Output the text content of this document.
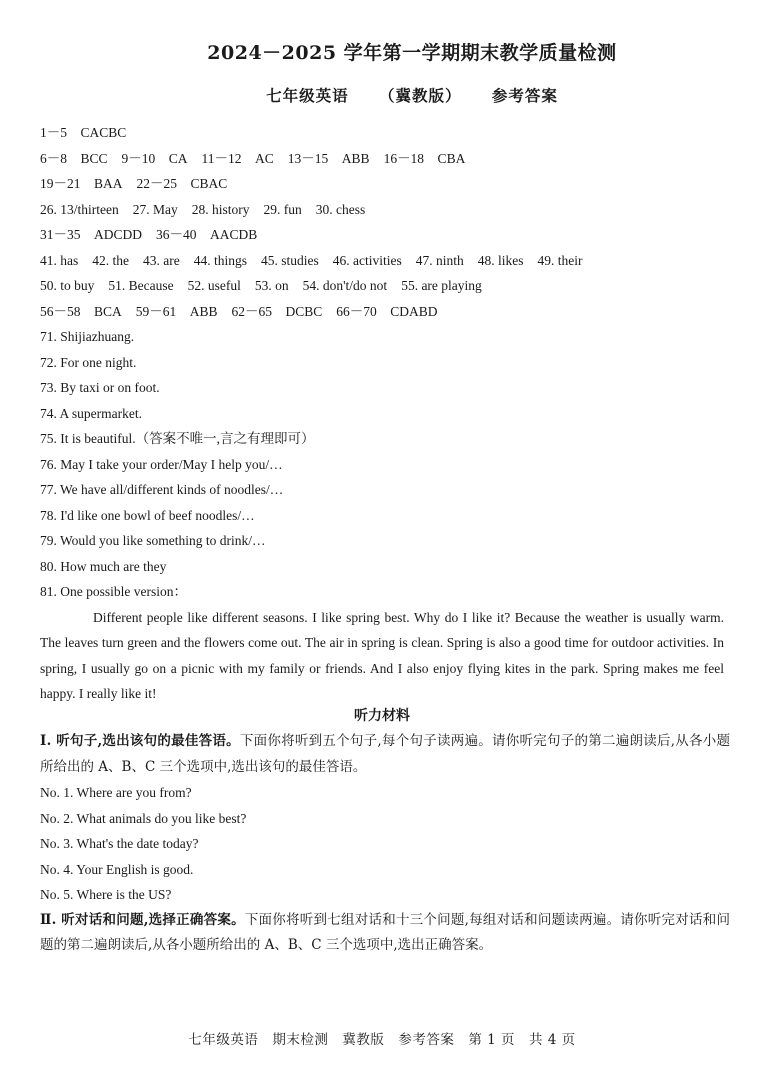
2024－2025 学年第一学期期末教学质量检测
七年级英语 （冀教版） 参考答案
1－5　CACBC
6－8　BCC 9－10　CA 11－12　AC 13－15　ABB 16－18　CBA
19－21　BAA 22－25　CBAC
26. 13/thirteen 27. May 28. history 29. fun 30. chess
31－35　ADCDD 36－40　AACDB
41. has 42. the 43. are 44. things 45. studies 46. activities 47. ninth 48. likes 49. their
50. to buy 51. Because 52. useful 53. on 54. don't/do not 55. are playing
56－58　BCA 59－61　ABB 62－65　DCBC 66－70　CDABD
71. Shijiazhuang.
72. For one night.
73. By taxi or on foot.
74. A supermarket.
75. It is beautiful.（答案不唯一,言之有理即可）
76. May I take your order/May I help you/…
77. We have all/different kinds of noodles/…
78. I'd like one bowl of beef noodles/…
79. Would you like something to drink/…
80. How much are they
81. One possible version：
Different people like different seasons. I like spring best. Why do I like it? Because the weather is usually warm. The leaves turn green and the flowers come out. The air in spring is clean. Spring is also a good time for outdoor activities. In spring, I usually go on a picnic with my family or friends. And I also enjoy flying kites in the park. Spring makes me feel happy. I really like it!
听力材料
Ⅰ. 听句子,选出该句的最佳答语。下面你将听到五个句子,每个句子读两遍。请你听完句子的第二遍朗读后,从各小题所给出的 A、B、C 三个选项中,选出该句的最佳答语。
No. 1. Where are you from?
No. 2. What animals do you like best?
No. 3. What's the date today?
No. 4. Your English is good.
No. 5. Where is the US?
Ⅱ. 听对话和问题,选择正确答案。下面你将听到七组对话和十三个问题,每组对话和问题读两遍。请你听完对话和问题的第二遍朗读后,从各小题所给出的 A、B、C 三个选项中,选出正确答案。
七年级英语　期末检测　冀教版　参考答案　第 1 页　共 4 页
